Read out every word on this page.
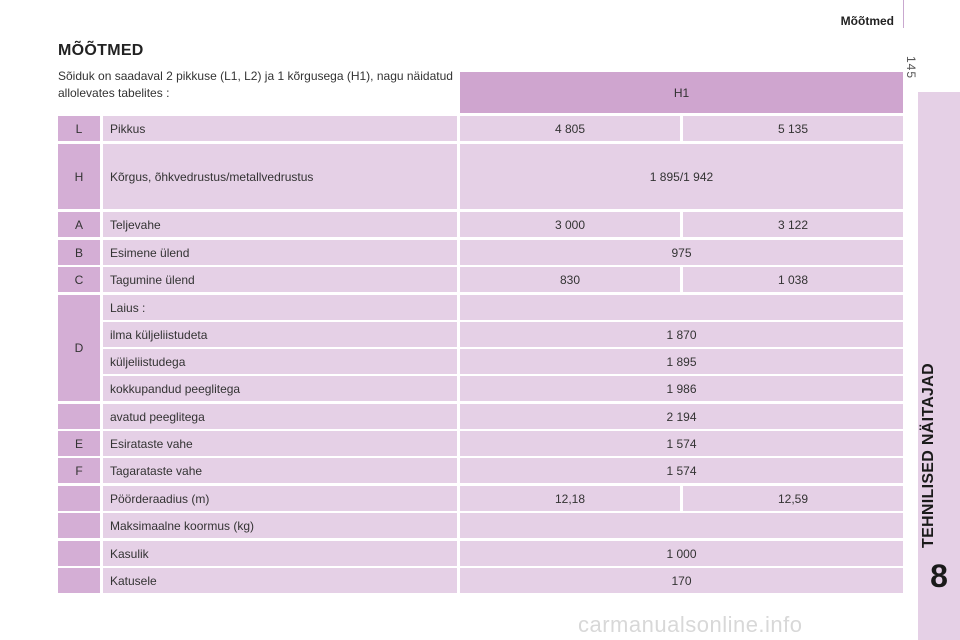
Mõõtmed
145
TEHNILISED NÄITAJAD
8
MÕÕTMED
Sõiduk on saadaval 2 pikkuse (L1, L2) ja 1 kõrgusega (H1), nagu näidatud allolevates tabelites :	H1
L	Pikkus	4 805	5 135
H	Kõrgus, õhkvedrustus/metallvedrustus	1 895/1 942
A	Teljevahe	3 000	3 122
B	Esimene ülend	975
C	Tagumine ülend	830	1 038
D
Laius :
ilma küljeliistudeta	1 870
küljeliistudega	1 895
kokkupandud peeglitega	1 986
avatud peeglitega	2 194
E	Esirataste vahe	1 574
F	Tagarataste vahe	1 574
Pöörderaadius (m)	12,18	12,59
Maksimaalne koormus (kg)
Kasulik	1 000
Katusele	170
carmanualsonline.info
